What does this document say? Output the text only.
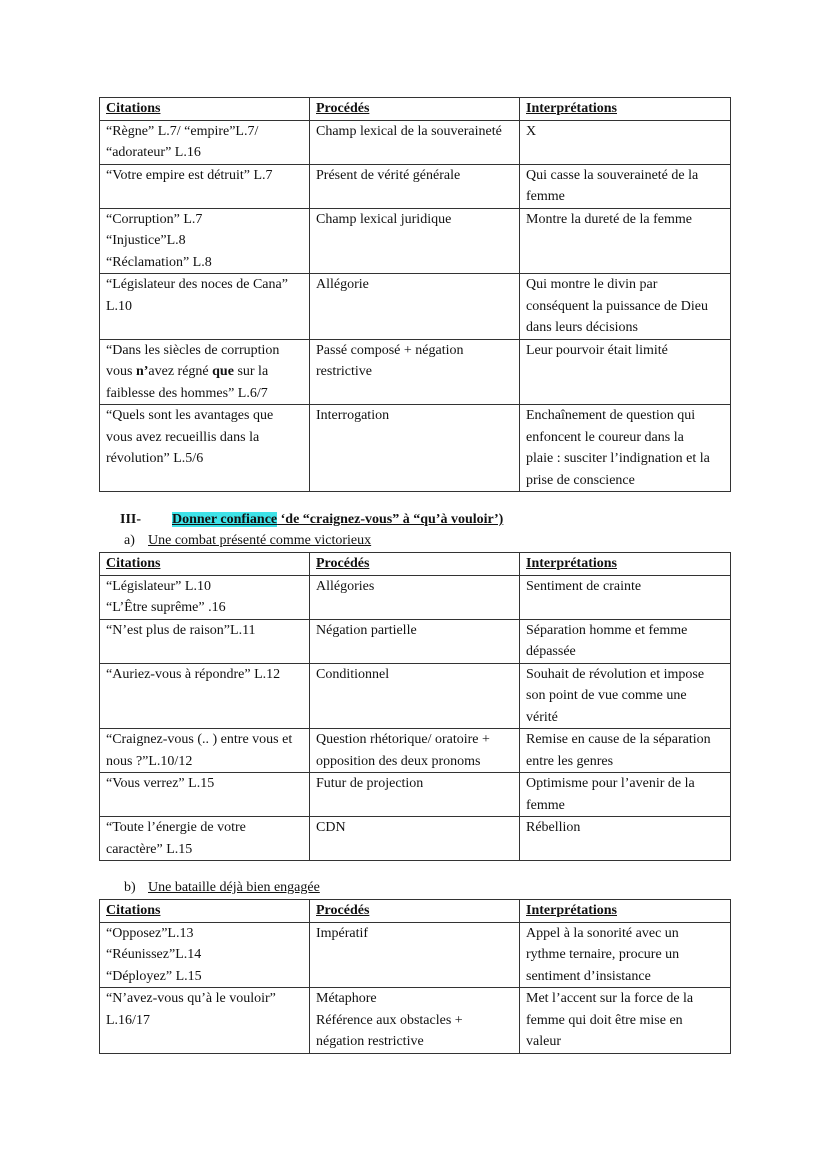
Citations	Procédés	Interprétations

“Règne” L.7/ “empire”L.7/
“adorateur” L.16	Champ lexical de la souveraineté	X

“Votre empire est détruit” L.7	Présent de vérité générale	Qui casse la souveraineté de la
femme

“Corruption” L.7
“Injustice”L.8
“Réclamation” L.8	Champ lexical juridique	Montre la dureté de la femme

“Législateur des noces de Cana”
L.10	Allégorie	Qui montre le divin par
conséquent la puissance de Dieu
dans leurs décisions

“Dans les siècles de corruption
vous n’avez régné que sur la
faiblesse des hommes” L.6/7	Passé composé + négation
restrictive	Leur pourvoir était limité

“Quels sont les avantages que
vous avez recueillis dans la
révolution” L.5/6	Interrogation	Enchaînement de question qui
enfoncent le coureur dans la
plaie : susciter l’indignation et la
prise de conscience
III- Donner confiance ‘de “craignez-vous” à “qu’à vouloir’)
a) Une combat présenté comme victorieux
Citations	Procédés	Interprétations

“Législateur” L.10
“L’Être suprême” .16	Allégories	Sentiment de crainte

“N’est plus de raison”L.11	Négation partielle	Séparation homme et femme
dépassée

“Auriez-vous à répondre” L.12	Conditionnel	Souhait de révolution et impose
son point de vue comme une
vérité

“Craignez-vous (.. ) entre vous et
nous ?”L.10/12	Question rhétorique/ oratoire +
opposition des deux pronoms	Remise en cause de la séparation
entre les genres

“Vous verrez” L.15	Futur de projection	Optimisme pour l’avenir de la
femme

“Toute l’énergie de votre
caractère” L.15	CDN	Rébellion
b) Une bataille déjà bien engagée
Citations	Procédés	Interprétations

“Opposez”L.13
“Réunissez”L.14
“Déployez” L.15	Impératif	Appel à la sonorité avec un
rythme ternaire, procure un
sentiment d’insistance

“N’avez-vous qu’à le vouloir”
L.16/17	Métaphore
Référence aux obstacles +
négation restrictive	Met l’accent sur la force de la
femme qui doit être mise en
valeur
